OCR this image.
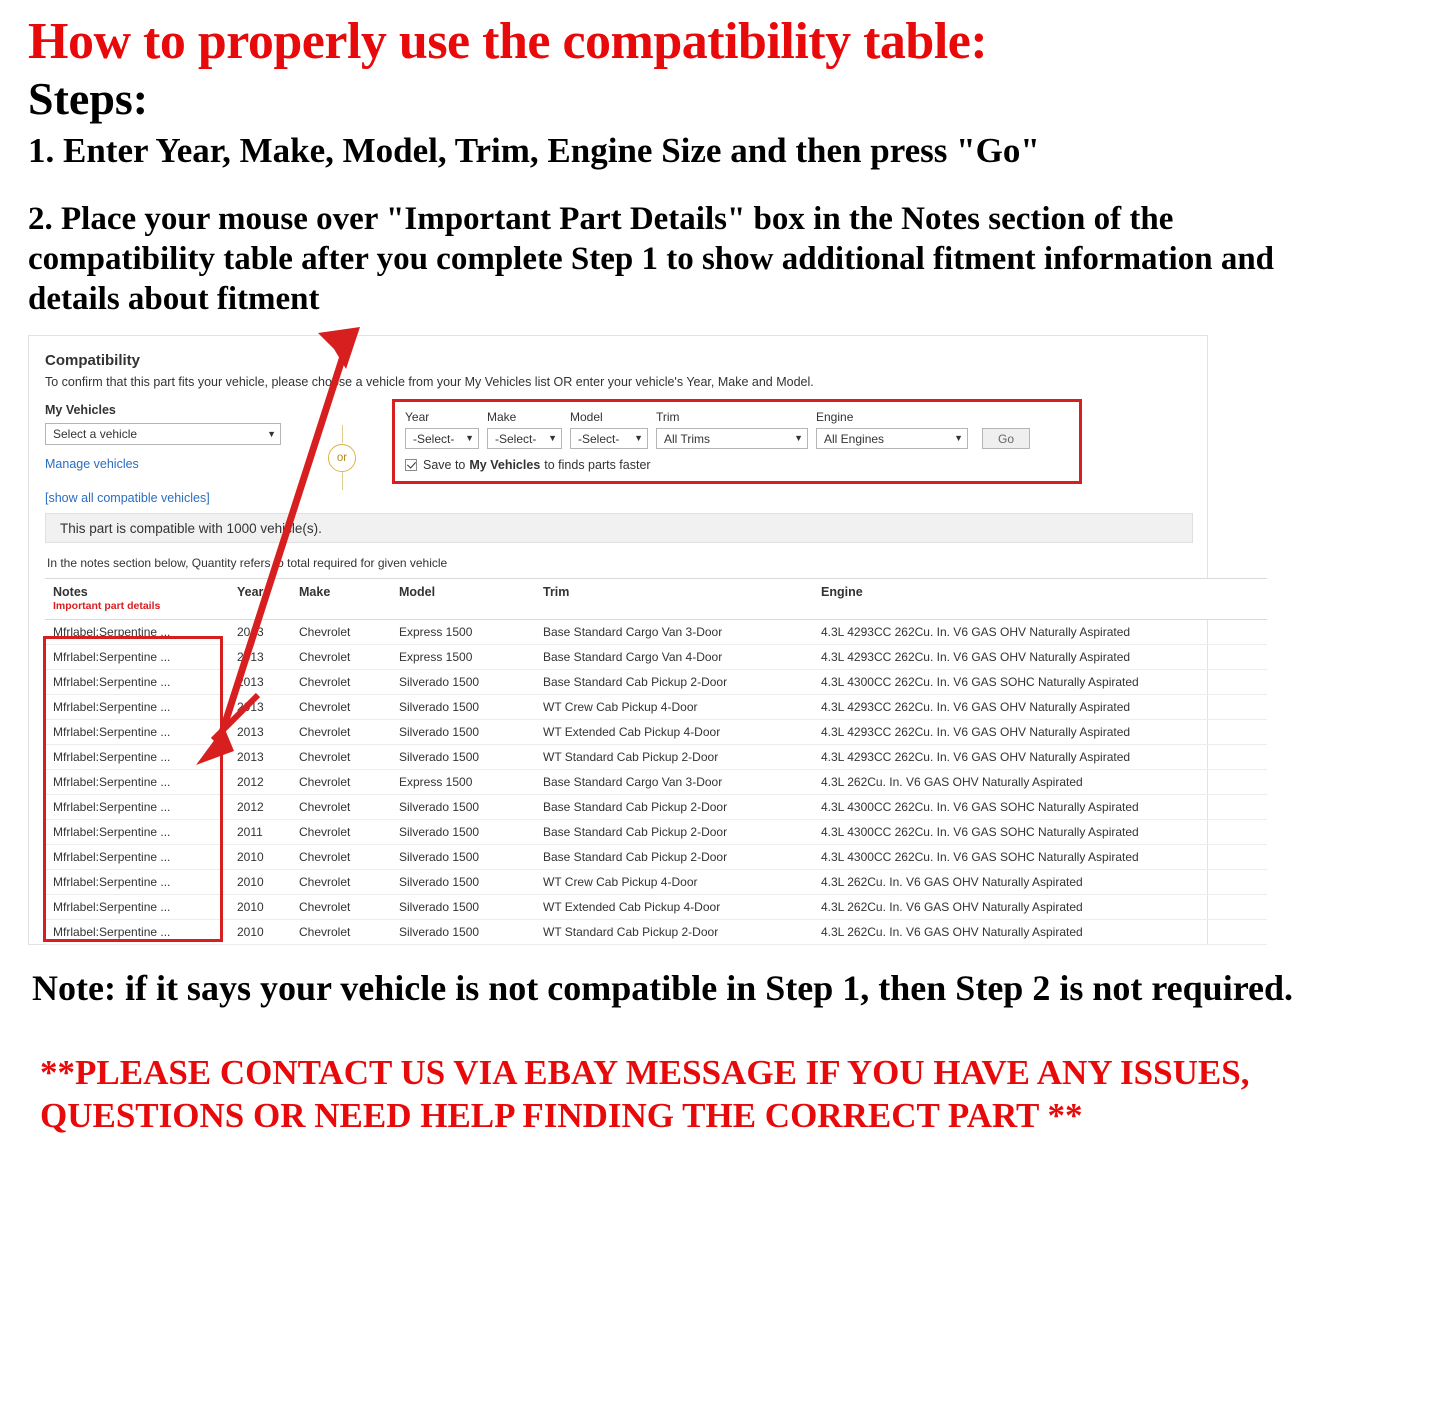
How to properly use the compatibility table:
Steps:
1. Enter Year, Make, Model, Trim, Engine Size and then press "Go"
2. Place your mouse over "Important Part Details" box in the Notes section of the compatibility table after you complete Step 1 to show additional fitment information and details about fitment
Compatibility
To confirm that this part fits your vehicle, please choose a vehicle from your My Vehicles list OR enter your vehicle's Year, Make and Model.
My Vehicles
Select a vehicle	▼
Manage vehicles	or
Year
-Select- ▼
Make
-Select- ▼
Model
-Select- ▼
Trim
All Trims	▼
Engine
All Engines	▼	Go
Save to My Vehicles to finds parts faster
[show all compatible vehicles]
This part is compatible with 1000 vehicle(s).
In the notes section below, Quantity refers to total required for given vehicle
Notes
Important part details	Year	Make	Model	Trim	Engine
Mfrlabel:Serpentine ...	2013	Chevrolet	Express 1500	Base Standard Cargo Van 3-Door	4.3L 4293CC 262Cu. In. V6 GAS OHV Naturally Aspirated
Mfrlabel:Serpentine ...	2013	Chevrolet	Express 1500	Base Standard Cargo Van 4-Door	4.3L 4293CC 262Cu. In. V6 GAS OHV Naturally Aspirated
Mfrlabel:Serpentine ...	2013	Chevrolet	Silverado 1500	Base Standard Cab Pickup 2-Door	4.3L 4300CC 262Cu. In. V6 GAS SOHC Naturally Aspirated
Mfrlabel:Serpentine ...	2013	Chevrolet	Silverado 1500	WT Crew Cab Pickup 4-Door	4.3L 4293CC 262Cu. In. V6 GAS OHV Naturally Aspirated
Mfrlabel:Serpentine ...	2013	Chevrolet	Silverado 1500	WT Extended Cab Pickup 4-Door	4.3L 4293CC 262Cu. In. V6 GAS OHV Naturally Aspirated
Mfrlabel:Serpentine ...	2013	Chevrolet	Silverado 1500	WT Standard Cab Pickup 2-Door	4.3L 4293CC 262Cu. In. V6 GAS OHV Naturally Aspirated
Mfrlabel:Serpentine ...	2012	Chevrolet	Express 1500	Base Standard Cargo Van 3-Door	4.3L 262Cu. In. V6 GAS OHV Naturally Aspirated
Mfrlabel:Serpentine ...	2012	Chevrolet	Silverado 1500	Base Standard Cab Pickup 2-Door	4.3L 4300CC 262Cu. In. V6 GAS SOHC Naturally Aspirated
Mfrlabel:Serpentine ...	2011	Chevrolet	Silverado 1500	Base Standard Cab Pickup 2-Door	4.3L 4300CC 262Cu. In. V6 GAS SOHC Naturally Aspirated
Mfrlabel:Serpentine ...	2010	Chevrolet	Silverado 1500	Base Standard Cab Pickup 2-Door	4.3L 4300CC 262Cu. In. V6 GAS SOHC Naturally Aspirated
Mfrlabel:Serpentine ...	2010	Chevrolet	Silverado 1500	WT Crew Cab Pickup 4-Door	4.3L 262Cu. In. V6 GAS OHV Naturally Aspirated
Mfrlabel:Serpentine ...	2010	Chevrolet	Silverado 1500	WT Extended Cab Pickup 4-Door	4.3L 262Cu. In. V6 GAS OHV Naturally Aspirated
Mfrlabel:Serpentine ...	2010	Chevrolet	Silverado 1500	WT Standard Cab Pickup 2-Door	4.3L 262Cu. In. V6 GAS OHV Naturally Aspirated
Note: if it says your vehicle is not compatible in Step 1, then Step 2 is not required.
**PLEASE CONTACT US VIA EBAY MESSAGE IF YOU HAVE ANY ISSUES, QUESTIONS OR NEED HELP FINDING THE CORRECT PART **
